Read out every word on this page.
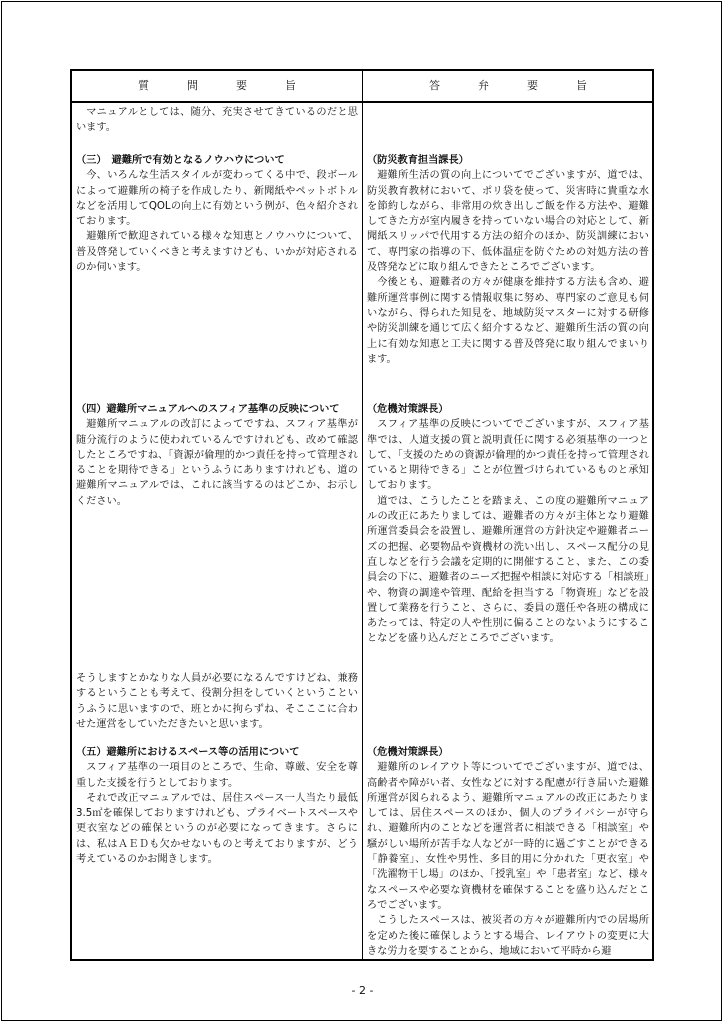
質問要旨	答弁要旨

マニュアルとしては、随分、充実させてきているのだと思います。

（三）　避難所で有効となるノウハウについて

今、いろんな生活スタイルが変わってくる中で、段ボールによって避難所の椅子を作成したり、新聞紙やペットボトルなどを活用してQOLの向上に有効という例が、色々紹介されております。

避難所で歓迎されている様々な知恵とノウハウについて、普及啓発していくべきと考えますけども、いかが対応されるのか伺います。

（四）避難所マニュアルへのスフィア基準の反映について

避難所マニュアルの改訂によってですね、スフィア基準が随分流行のように使われているんですけれども、改めて確認したところですね、「資源が倫理的かつ責任を持って管理されることを期待できる」というふうにありますけれども、道の避難所マニュアルでは、これに該当するのはどこか、お示しください。

そうしますとかなりな人員が必要になるんですけどね、兼務するということも考えて、役割分担をしていくというこというふうに思いますので、班とかに拘らずね、そこここに合わせた運営をしていただきたいと思います。

（五）避難所におけるスペース等の活用について

スフィア基準の一項目のところで、生命、尊厳、安全を尊重した支援を行うとしております。

それで改正マニュアルでは、居住スペース一人当たり最低3.5㎡を確保しておりますけれども、プライベートスペースや更衣室などの確保というのが必要になってきます。さらには、私はＡＥＤも欠かせないものと考えておりますが、どう考えているのかお聞きします。

（防災教育担当課長）

避難所生活の質の向上についてでございますが、道では、防災教育教材において、ポリ袋を使って、災害時に貴重な水を節約しながら、非常用の炊き出しご飯を作る方法や、避難してきた方が室内履きを持っていない場合の対応として、新聞紙スリッパで代用する方法の紹介のほか、防災訓練において、専門家の指導の下、低体温症を防ぐための対処方法の普及啓発などに取り組んできたところでございます。

今後とも、避難者の方々が健康を維持する方法も含め、避難所運営事例に関する情報収集に努め、専門家のご意見も伺いながら、得られた知見を、地域防災マスターに対する研修や防災訓練を通じて広く紹介するなど、避難所生活の質の向上に有効な知恵と工夫に関する普及啓発に取り組んでまいります。

（危機対策課長）

スフィア基準の反映についてでございますが、スフィア基準では、人道支援の質と説明責任に関する必須基準の一つとして、「支援のための資源が倫理的かつ責任を持って管理されていると期待できる」ことが位置づけられているものと承知しております。

道では、こうしたことを踏まえ、この度の避難所マニュアルの改正にあたりましては、避難者の方々が主体となり避難所運営委員会を設置し、避難所運営の方針決定や避難者ニーズの把握、必要物品や資機材の洗い出し、スペース配分の見直しなどを行う会議を定期的に開催すること、また、この委員会の下に、避難者のニーズ把握や相談に対応する「相談班」や、物資の調達や管理、配給を担当する「物資班」などを設置して業務を行うこと、さらに、委員の選任や各班の構成にあたっては、特定の人や性別に偏ることのないようにすることなどを盛り込んだところでございます。

（危機対策課長）

避難所のレイアウト等についてでございますが、道では、高齢者や障がい者、女性などに対する配慮が行き届いた避難所運営が図られるよう、避難所マニュアルの改正にあたりましては、居住スペースのほか、個人のプライバシーが守られ、避難所内のことなどを運営者に相談できる「相談室」や騒がしい場所が苦手な人などが一時的に過ごすことができる「静養室」、女性や男性、多目的用に分かれた「更衣室」や「洗濯物干し場」のほか、「授乳室」や「患者室」など、様々なスペースや必要な資機材を確保することを盛り込んだところでございます。

こうしたスペースは、被災者の方々が避難所内での居場所を定めた後に確保しようとする場合、レイアウトの変更に大きな労力を要することから、地域において平時から避

- 2 -
